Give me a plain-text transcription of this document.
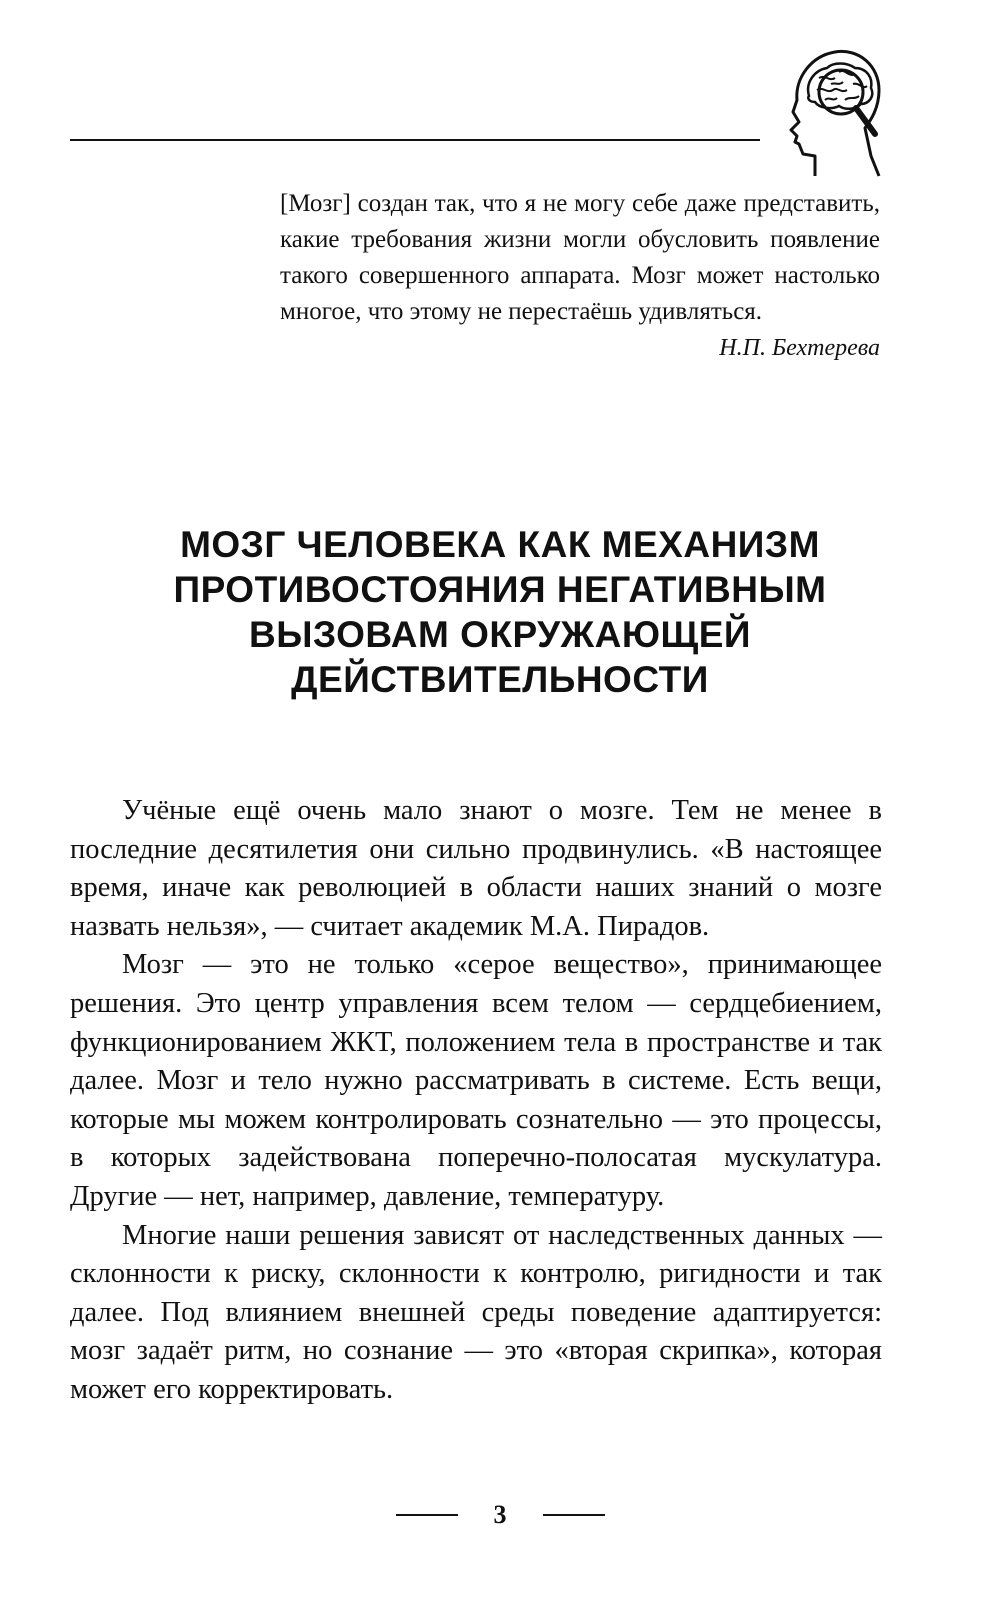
[Мозг] создан так, что я не могу себе даже представить, какие требования жизни могли обусловить появление такого совершенного аппарата. Мозг может настолько многое, что этому не перестаёшь удивляться.

Н.П. Бехтерева

МОЗГ ЧЕЛОВЕКА КАК МЕХАНИЗМ ПРОТИВОСТОЯНИЯ НЕГАТИВНЫМ ВЫЗОВАМ ОКРУЖАЮЩЕЙ ДЕЙСТВИТЕЛЬНОСТИ

Учёные ещё очень мало знают о мозге. Тем не менее в последние десятилетия они сильно продвинулись. «В настоящее время, иначе как революцией в области наших знаний о мозге назвать нельзя», — считает академик М.А. Пирадов.

Мозг — это не только «серое вещество», принимающее решения. Это центр управления всем телом — сердцебиением, функционированием ЖКТ, положением тела в пространстве и так далее. Мозг и тело нужно рассматривать в системе. Есть вещи, которые мы можем контролировать сознательно — это процессы, в которых задействована поперечно-полосатая мускулатура. Другие — нет, например, давление, температуру.

Многие наши решения зависят от наследственных данных — склонности к риску, склонности к контролю, ригидности и так далее. Под влиянием внешней среды поведение адаптируется: мозг задаёт ритм, но сознание — это «вторая скрипка», которая может его корректировать.

3
